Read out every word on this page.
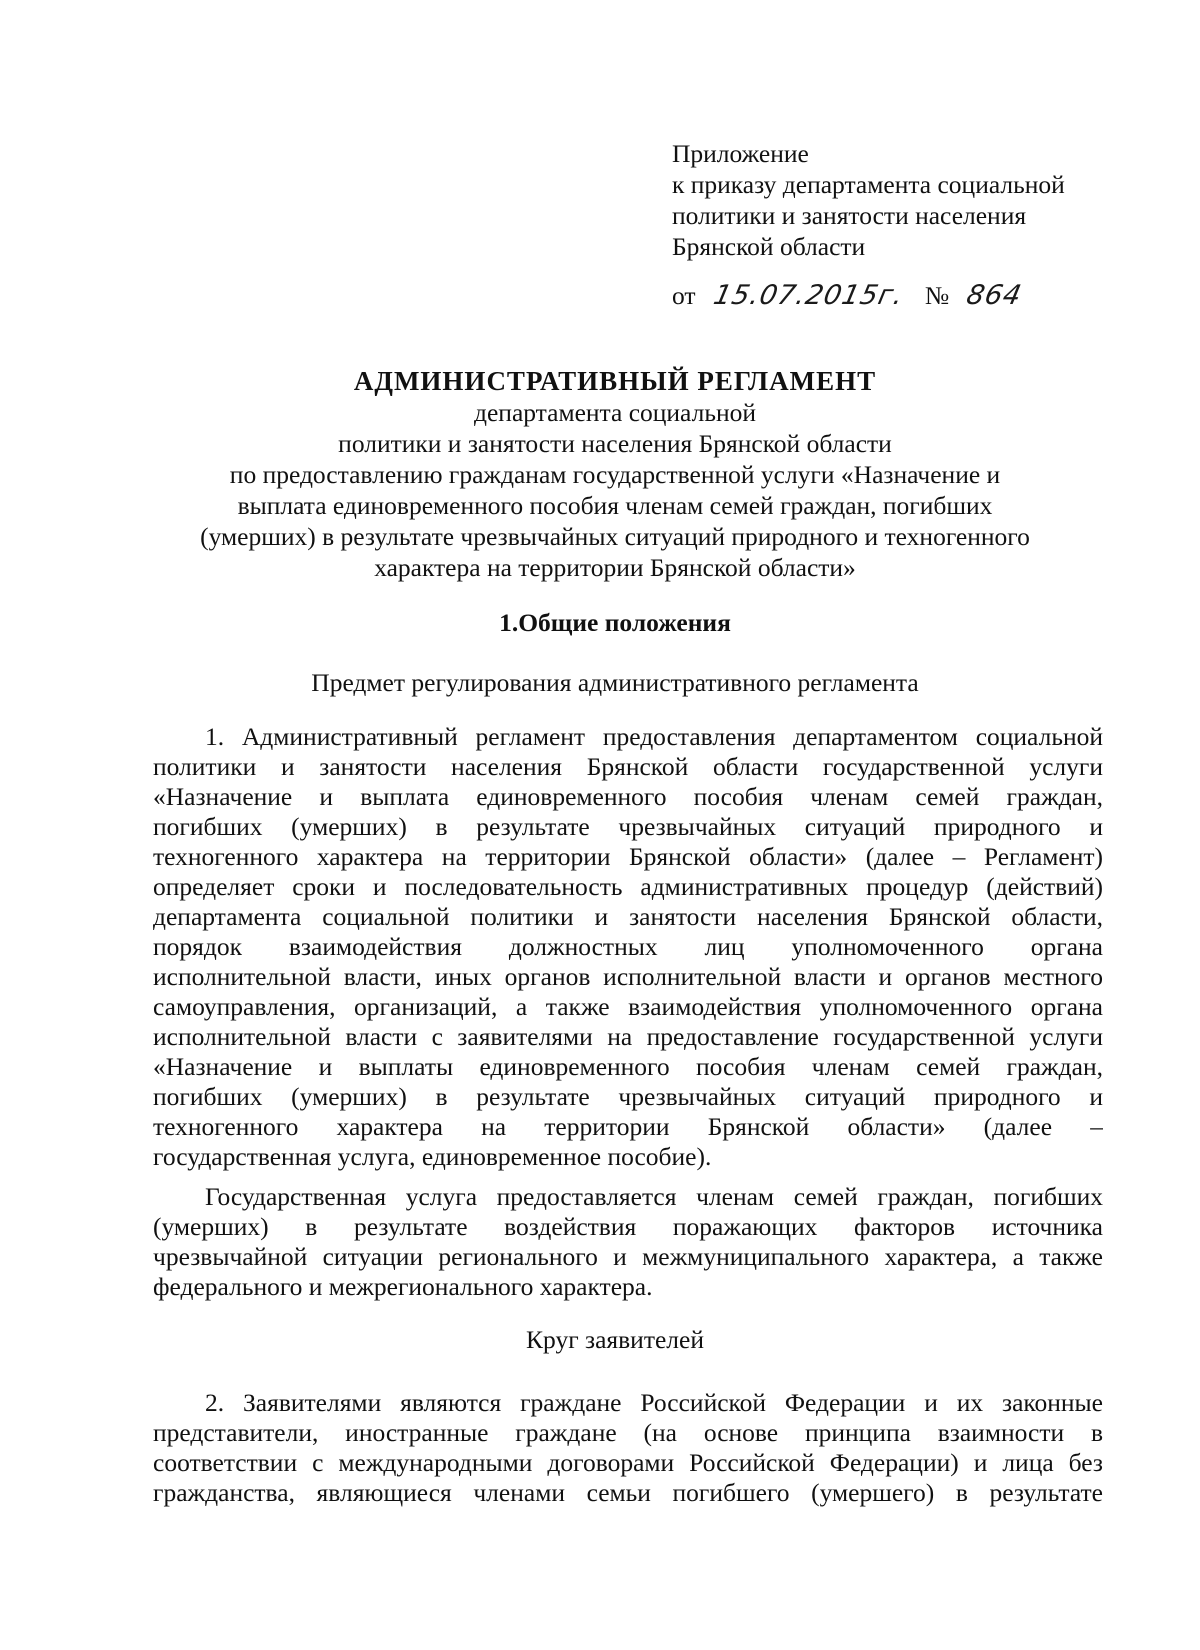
Приложение
к приказу департамента социальной
политики и занятости населения
Брянской области
от 15.07.2015г. № 864
АДМИНИСТРАТИВНЫЙ РЕГЛАМЕНТ
департамента социальной
политики и занятости населения Брянской области
по предоставлению гражданам государственной услуги «Назначение и
выплата единовременного пособия членам семей граждан, погибших
(умерших) в результате чрезвычайных ситуаций природного и техногенного
характера на территории Брянской области»
1.Общие положения
Предмет регулирования административного регламента
1. Административный регламент предоставления департаментом социальной
политики и занятости населения Брянской области государственной услуги
«Назначение и выплата единовременного пособия членам семей граждан,
погибших (умерших) в результате чрезвычайных ситуаций природного и
техногенного характера на территории Брянской области» (далее – Регламент)
определяет сроки и последовательность административных процедур (действий)
департамента социальной политики и занятости населения Брянской области,
порядок взаимодействия должностных лиц уполномоченного органа
исполнительной власти, иных органов исполнительной власти и органов местного
самоуправления, организаций, а также взаимодействия уполномоченного органа
исполнительной власти с заявителями на предоставление государственной услуги
«Назначение и выплаты единовременного пособия членам семей граждан,
погибших (умерших) в результате чрезвычайных ситуаций природного и
техногенного характера на территории Брянской области» (далее –
государственная услуга, единовременное пособие).
Государственная услуга предоставляется членам семей граждан, погибших
(умерших) в результате воздействия поражающих факторов источника
чрезвычайной ситуации регионального и межмуниципального характера, а также
федерального и межрегионального характера.
Круг заявителей
2. Заявителями являются граждане Российской Федерации и их законные
представители, иностранные граждане (на основе принципа взаимности в
соответствии с международными договорами Российской Федерации) и лица без
гражданства, являющиеся членами семьи погибшего (умершего) в результате
